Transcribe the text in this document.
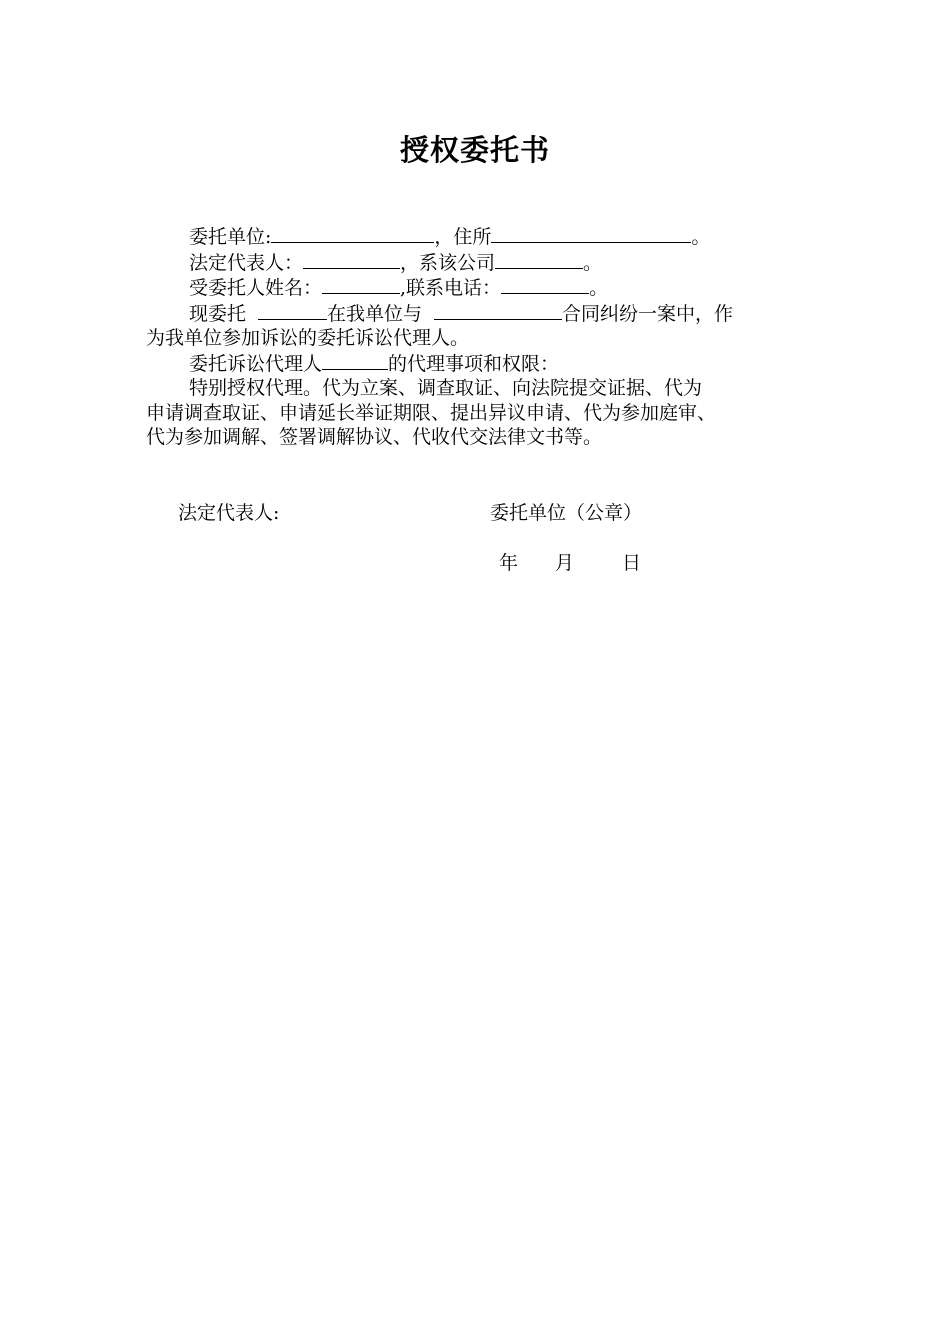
授权委托书
委托单位:	，住所	。
法定代表人：	，系该公司	。
受委托人姓名：	,联系电话：	。
现委托	在我单位与	合同纠纷一案中，作
为我单位参加诉讼的委托诉讼代理人。
委托诉讼代理人	的代理事项和权限：
特别授权代理。代为立案、调查取证、向法院提交证据、代为
申请调查取证、申请延长举证期限、提出异议申请、代为参加庭审、
代为参加调解、签署调解协议、代收代交法律文书等。
法定代表人:	委托单位（公章）
年 月	日
